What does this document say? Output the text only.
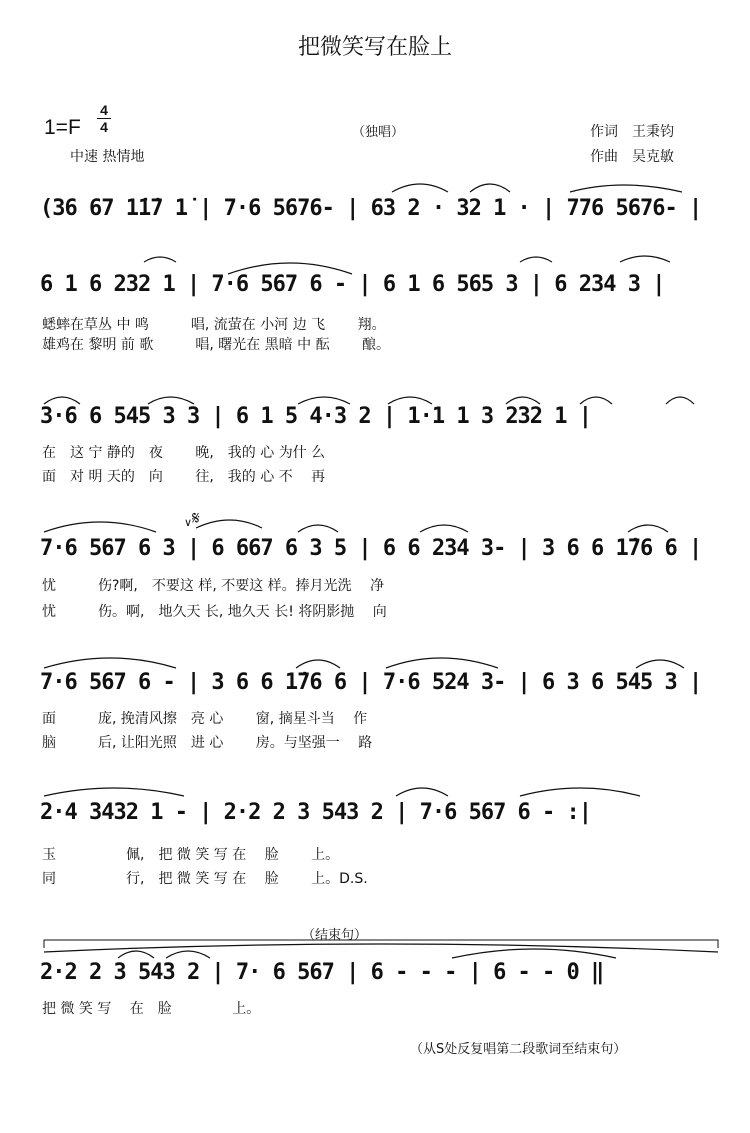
把微笑写在脸上
1=F
4
4
中速 热情地
（独唱）	作词　王秉钧
作曲　吴克敏
𝄋
∨
(36 67 1̇1̇7 1̇ | 7·6 5676- | 63 2 · 32 1 · | 776 5676- |
6 1 6 232 1 | 7·6 567 6 - | 6 1 6 565 3 | 6 234 3 |
蟋蟀在草丛 中 鸣　　　唱, 流萤在 小河 边 飞　　 翔。
雄鸡在 黎明 前 歌　　　唱, 曙光在 黑暗 中 酝　　 酿。
3·6 6 545 3 3 | 6 1 5 4·3 2 | 1·1 1 3 232 1 |
在　这 宁 静的　夜　　 晚,　我的 心 为什 么
面　对 明 天的　向　　 往,　我的 心 不　 再
7·6 567 6 3 | 6 667 6 3 5 | 6 6 234 3- | 3 6 6 1̇76 6 |
忧　　　伤?啊,　不要这 样, 不要这 样。捧月光洗　 净
忧　　　伤。啊,　地久天 长, 地久天 长! 将阴影抛　 向
7·6 567 6 - | 3 6 6 1̇76 6 | 7·6 524 3- | 6 3 6 545 3 |
面　　　庞, 挽清风擦　亮 心　　 窗, 摘星斗当　 作
脑　　　后, 让阳光照　进 心　　 房。与坚强一　 路
2·4 3432 1 - | 2·2 2 3 543 2 | 7·6 567 6 - :|
玉　　　　　佩,　把 微 笑 写 在　 脸　　 上。
同　　　　　行,　把 微 笑 写 在　 脸　　 上。D.S.
（结束句）
2·2 2 3 543 2 | 7· 6 567 | 6 - - - | 6 - - 0 ‖
把 微 笑 写　 在　脸　　　　 上。
（从S处反复唱第二段歌词至结束句）
